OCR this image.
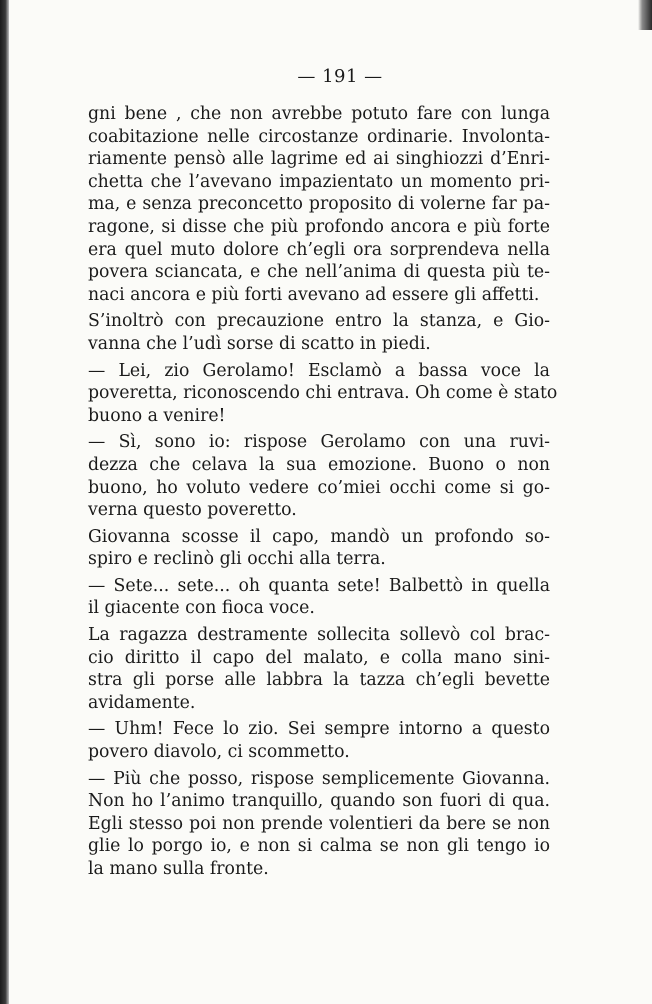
— 191 —

gni bene , che non avrebbe potuto fare con lunga
coabitazione nelle circostanze ordinarie. Involonta-
riamente pensò alle lagrime ed ai singhiozzi d’Enri-
chetta che l’avevano impazientato un momento pri-
ma, e senza preconcetto proposito di volerne far pa-
ragone, si disse che più profondo ancora e più forte
era quel muto dolore ch’egli ora sorprendeva nella
povera sciancata, e che nell’anima di questa più te-
naci ancora e più forti avevano ad essere gli affetti.

S’inoltrò con precauzione entro la stanza, e Gio-
vanna che l’udì sorse di scatto in piedi.

— Lei, zio Gerolamo! Esclamò a bassa voce la
poveretta, riconoscendo chi entrava. Oh come è stato
buono a venire!

— Sì, sono io: rispose Gerolamo con una ruvi-
dezza che celava la sua emozione. Buono o non
buono, ho voluto vedere co’miei occhi come si go-
verna questo poveretto.

Giovanna scosse il capo, mandò un profondo so-
spiro e reclinò gli occhi alla terra.

— Sete... sete... oh quanta sete! Balbettò in quella
il giacente con fioca voce.

La ragazza destramente sollecita sollevò col brac-
cio diritto il capo del malato, e colla mano sini-
stra gli porse alle labbra la tazza ch’egli bevette
avidamente.

— Uhm! Fece lo zio. Sei sempre intorno a questo
povero diavolo, ci scommetto.

— Più che posso, rispose semplicemente Giovanna.
Non ho l’animo tranquillo, quando son fuori di qua.
Egli stesso poi non prende volentieri da bere se non
glie lo porgo io, e non si calma se non gli tengo io
la mano sulla fronte.
